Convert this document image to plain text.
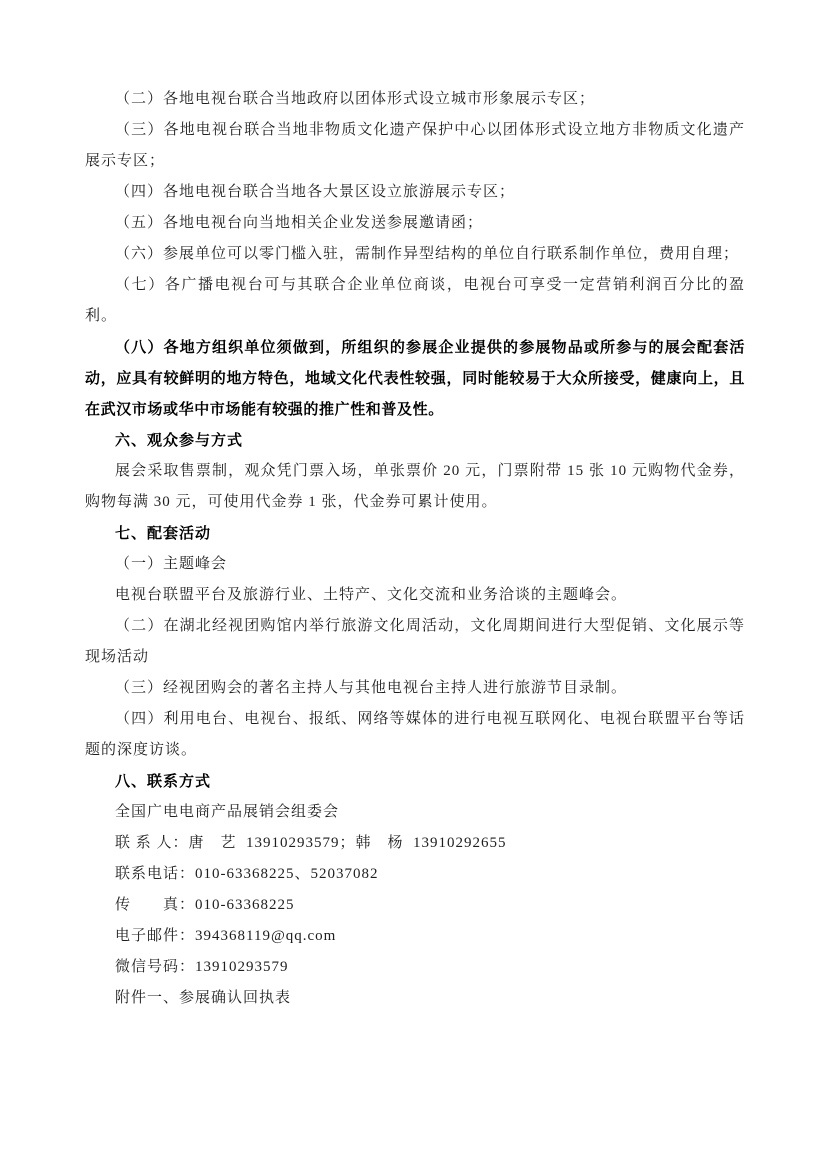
（二）各地电视台联合当地政府以团体形式设立城市形象展示专区；

（三）各地电视台联合当地非物质文化遗产保护中心以团体形式设立地方非物质文化遗产展示专区；

（四）各地电视台联合当地各大景区设立旅游展示专区；

（五）各地电视台向当地相关企业发送参展邀请函；

（六）参展单位可以零门槛入驻，需制作异型结构的单位自行联系制作单位，费用自理；

（七）各广播电视台可与其联合企业单位商谈，电视台可享受一定营销利润百分比的盈利。

（八）各地方组织单位须做到，所组织的参展企业提供的参展物品或所参与的展会配套活动，应具有较鲜明的地方特色，地域文化代表性较强，同时能较易于大众所接受，健康向上，且在武汉市场或华中市场能有较强的推广性和普及性。

六、观众参与方式

展会采取售票制，观众凭门票入场，单张票价 20 元，门票附带 15 张 10 元购物代金券，购物每满 30 元，可使用代金券 1 张，代金券可累计使用。

七、配套活动

（一）主题峰会

电视台联盟平台及旅游行业、土特产、文化交流和业务洽谈的主题峰会。

（二）在湖北经视团购馆内举行旅游文化周活动，文化周期间进行大型促销、文化展示等现场活动

（三）经视团购会的著名主持人与其他电视台主持人进行旅游节目录制。

（四）利用电台、电视台、报纸、网络等媒体的进行电视互联网化、电视台联盟平台等话题的深度访谈。

八、联系方式

全国广电电商产品展销会组委会

联 系 人：唐　艺  13910293579；韩　杨  13910292655

联系电话：010-63368225、52037082

传　　真：010-63368225

电子邮件：394368119@qq.com

微信号码：13910293579

附件一、参展确认回执表
